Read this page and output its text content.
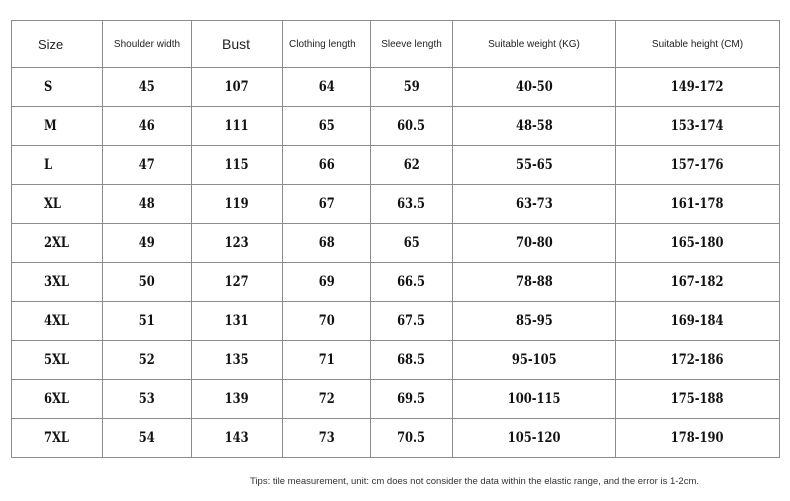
Size	Shoulder width	Bust	Clothing length	Sleeve length	Suitable weight (KG)	Suitable height (CM)
S	45	107	64	59	40-50	149-172
M	46	111	65	60.5	48-58	153-174
L	47	115	66	62	55-65	157-176
XL	48	119	67	63.5	63-73	161-178
2XL	49	123	68	65	70-80	165-180
3XL	50	127	69	66.5	78-88	167-182
4XL	51	131	70	67.5	85-95	169-184
5XL	52	135	71	68.5	95-105	172-186
6XL	53	139	72	69.5	100-115	175-188
7XL	54	143	73	70.5	105-120	178-190
Tips: tile measurement, unit: cm does not consider the data within the elastic range, and the error is 1-2cm.
